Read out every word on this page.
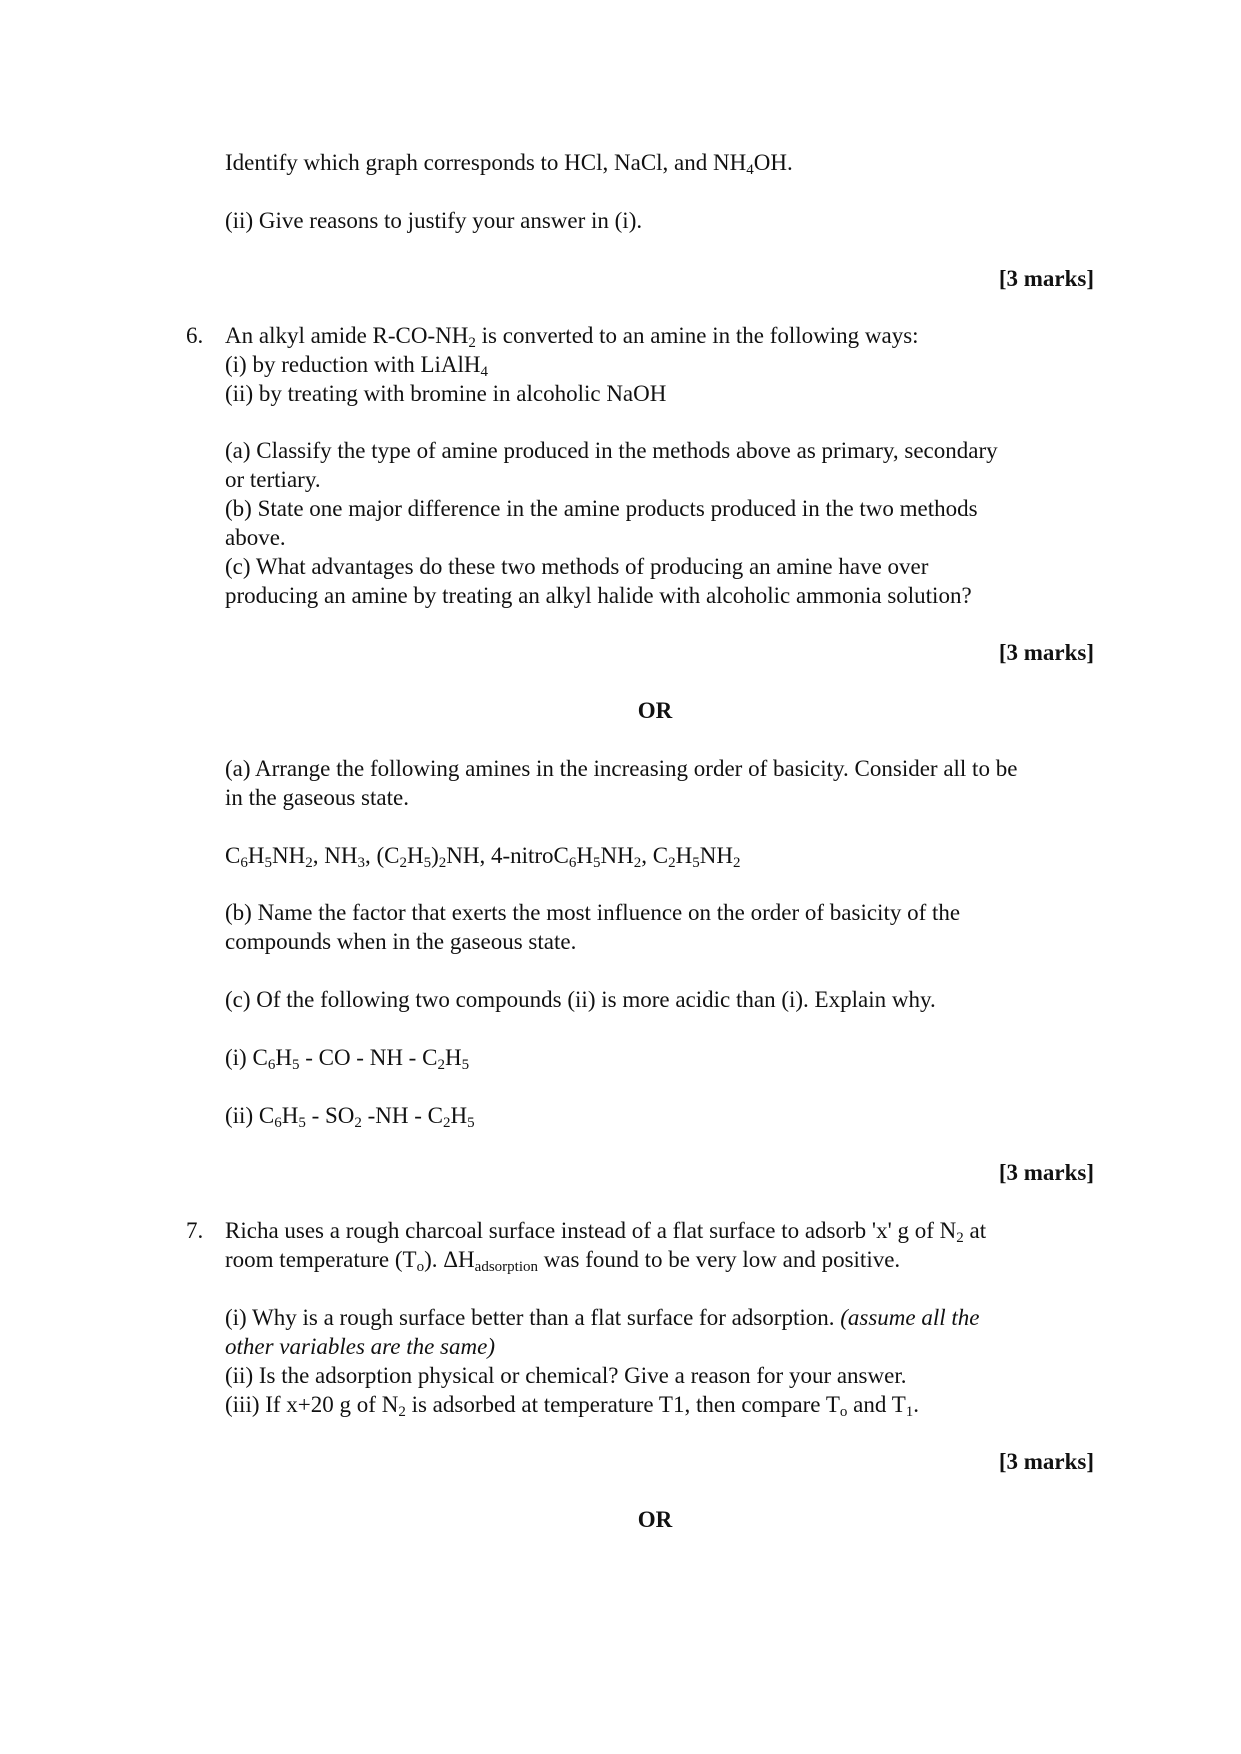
Identify which graph corresponds to HCl, NaCl, and $NH_4OH$.
(ii) Give reasons to justify your answer in (i).
[3 marks]
6. An alkyl amide $R-CO-NH_2$ is converted to an amine in the following ways:
(i) by reduction with LiAlH$_4$
(ii) by treating with bromine in alcoholic NaOH
(a) Classify the type of amine produced in the methods above as primary, secondary
or tertiary.
(b) State one major difference in the amine products produced in the two methods
above.
(c) What advantages do these two methods of producing an amine have over
producing an amine by treating an alkyl halide with alcoholic ammonia solution?
[3 marks]
OR
(a) Arrange the following amines in the increasing order of basicity. Consider all to be
in the gaseous state.
$C_6H_5NH_2$, $NH_3$, $(C_2H_5)_2NH$, $4-nitroC_6H_5NH_2$, $C_2H_5NH_2$
(b) Name the factor that exerts the most influence on the order of basicity of the
compounds when in the gaseous state.
(c) Of the following two compounds (ii) is more acidic than (i). Explain why.
(i) $C_6H_5$ - CO - NH - $C_2H_5$
(ii) $C_6H_5 - SO_2$ $-NH - C_2H_5$
[3 marks]
7. Richa uses a rough charcoal surface instead of a flat surface to adsorb 'x' g of $N_2$ at
room temperature $(T_o)$. $\Delta H_{adsorption}$ was found to be very low and positive.
(i) Why is a rough surface better than a flat surface for adsorption. (assume all the
other variables are the same)
(ii) Is the adsorption physical or chemical? Give a reason for your answer.
(iii) If x+20 g of $N_2$ is adsorbed at temperature T1, then compare $T_o$ and $T_1$.
[3 marks]
OR
